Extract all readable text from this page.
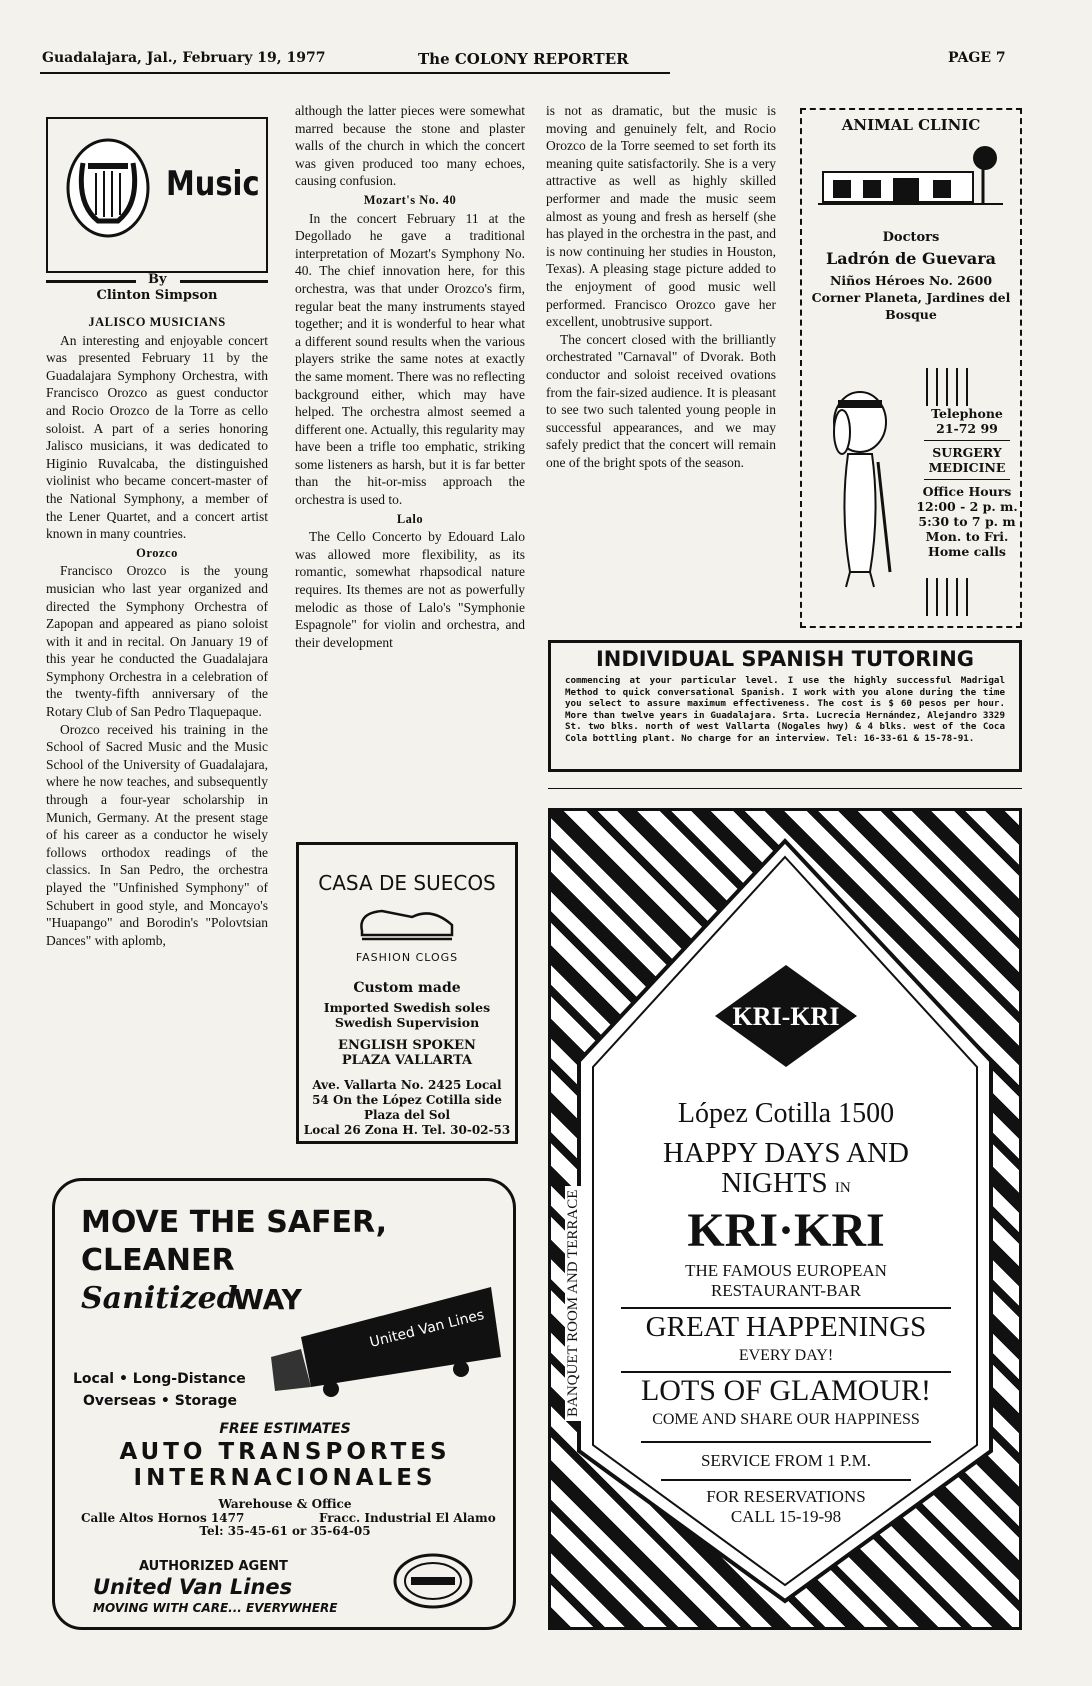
Guadalajara, Jal., February 19, 1977	The COLONY REPORTER	PAGE 7
Music
By
Clinton Simpson
JALISCO MUSICIANS

An interesting and enjoyable concert was presented February 11 by the Guadalajara Symphony Orchestra, with Francisco Orozco as guest conductor and Rocio Orozco de la Torre as cello soloist. A part of a series honoring Jalisco musicians, it was dedicated to Higinio Ruvalcaba, the distinguished violinist who became concert-master of the National Symphony, a member of the Lener Quartet, and a concert artist known in many countries.

Orozco

Francisco Orozco is the young musician who last year organized and directed the Symphony Orchestra of Zapopan and appeared as piano soloist with it and in recital. On January 19 of this year he conducted the Guadalajara Symphony Orchestra in a celebration of the twenty-fifth anniversary of the Rotary Club of San Pedro Tlaquepaque.

Orozco received his training in the School of Sacred Music and the Music School of the University of Guadalajara, where he now teaches, and subsequently through a four-year scholarship in Munich, Germany. At the present stage of his career as a conductor he wisely follows orthodox readings of the classics. In San Pedro, the orchestra played the "Unfinished Symphony" of Schubert in good style, and Moncayo's "Huapango" and Borodin's "Polovtsian Dances" with aplomb,

although the latter pieces were somewhat marred because the stone and plaster walls of the church in which the concert was given produced too many echoes, causing confusion.

Mozart's No. 40

In the concert February 11 at the Degollado he gave a traditional interpretation of Mozart's Symphony No. 40. The chief innovation here, for this orchestra, was that under Orozco's firm, regular beat the many instruments stayed together; and it is wonderful to hear what a different sound results when the various players strike the same notes at exactly the same moment. There was no reflecting background either, which may have helped. The orchestra almost seemed a different one. Actually, this regularity may have been a trifle too emphatic, striking some listeners as harsh, but it is far better than the hit-or-miss approach the orchestra is used to.

Lalo

The Cello Concerto by Edouard Lalo was allowed more flexibility, as its romantic, somewhat rhapsodical nature requires. Its themes are not as powerfully melodic as those of Lalo's "Symphonie Espagnole" for violin and orchestra, and their development

is not as dramatic, but the music is moving and genuinely felt, and Rocio Orozco de la Torre seemed to set forth its meaning quite satisfactorily. She is a very attractive as well as highly skilled performer and made the music seem almost as young and fresh as herself (she has played in the orchestra in the past, and is now continuing her studies in Houston, Texas). A pleasing stage picture added to the enjoyment of good music well performed. Francisco Orozco gave her excellent, unobtrusive support.

The concert closed with the brilliantly orchestrated "Carnaval" of Dvorak. Both conductor and soloist received ovations from the fair-sized audience. It is pleasant to see two such talented young people in successful appearances, and we may safely predict that the concert will remain one of the bright spots of the season.

ANIMAL CLINIC
Doctors
Ladrón de Guevara
Niños Héroes No. 2600 Corner Planeta, Jardines del Bosque
Telephone
21-72 99
SURGERY MEDICINE
Office Hours
12:00 - 2 p. m. 5:30 to 7 p. m
Mon. to Fri.
Home calls
INDIVIDUAL SPANISH TUTORING
commencing at your particular level. I use the highly successful Madrigal Method to quick conversational Spanish. I work with you alone during the time you select to assure maximum effectiveness. The cost is $ 60 pesos per hour. More than twelve years in Guadalajara. Srta. Lucrecia Hernández, Alejandro 3329 St. two blks. north of west Vallarta (Nogales hwy) & 4 blks. west of the Coca Cola bottling plant. No charge for an interview. Tel: 16-33-61 & 15-78-91.
CASA DE SUECOS
FASHION CLOGS
Custom made
Imported Swedish soles
Swedish Supervision
ENGLISH SPOKEN
PLAZA VALLARTA
Ave. Vallarta No. 2425 Local 54 On the López Cotilla side Plaza del Sol
Local 26 Zona H. Tel. 30-02-53
MOVE THE SAFER,
CLEANER
Sanitized
WAY
United Van Lines
Local • Long-Distance
Overseas • Storage
FREE ESTIMATES
AUTO TRANSPORTES
INTERNACIONALES
Warehouse & Office
Calle Altos Hornos 1477	Fracc. Industrial El Alamo
Tel: 35-45-61 or 35-64-05
AUTHORIZED AGENT
United Van Lines
MOVING WITH CARE... EVERYWHERE
BANQUET ROOM AND TERRACE
KRI-KRI
López Cotilla 1500
HAPPY DAYS AND
NIGHTS IN
KRI·KRI
THE FAMOUS EUROPEAN
RESTAURANT-BAR
GREAT HAPPENINGS
EVERY DAY!
LOTS OF GLAMOUR!
COME AND SHARE OUR HAPPINESS
SERVICE FROM 1 P.M.
FOR RESERVATIONS
CALL 15-19-98
